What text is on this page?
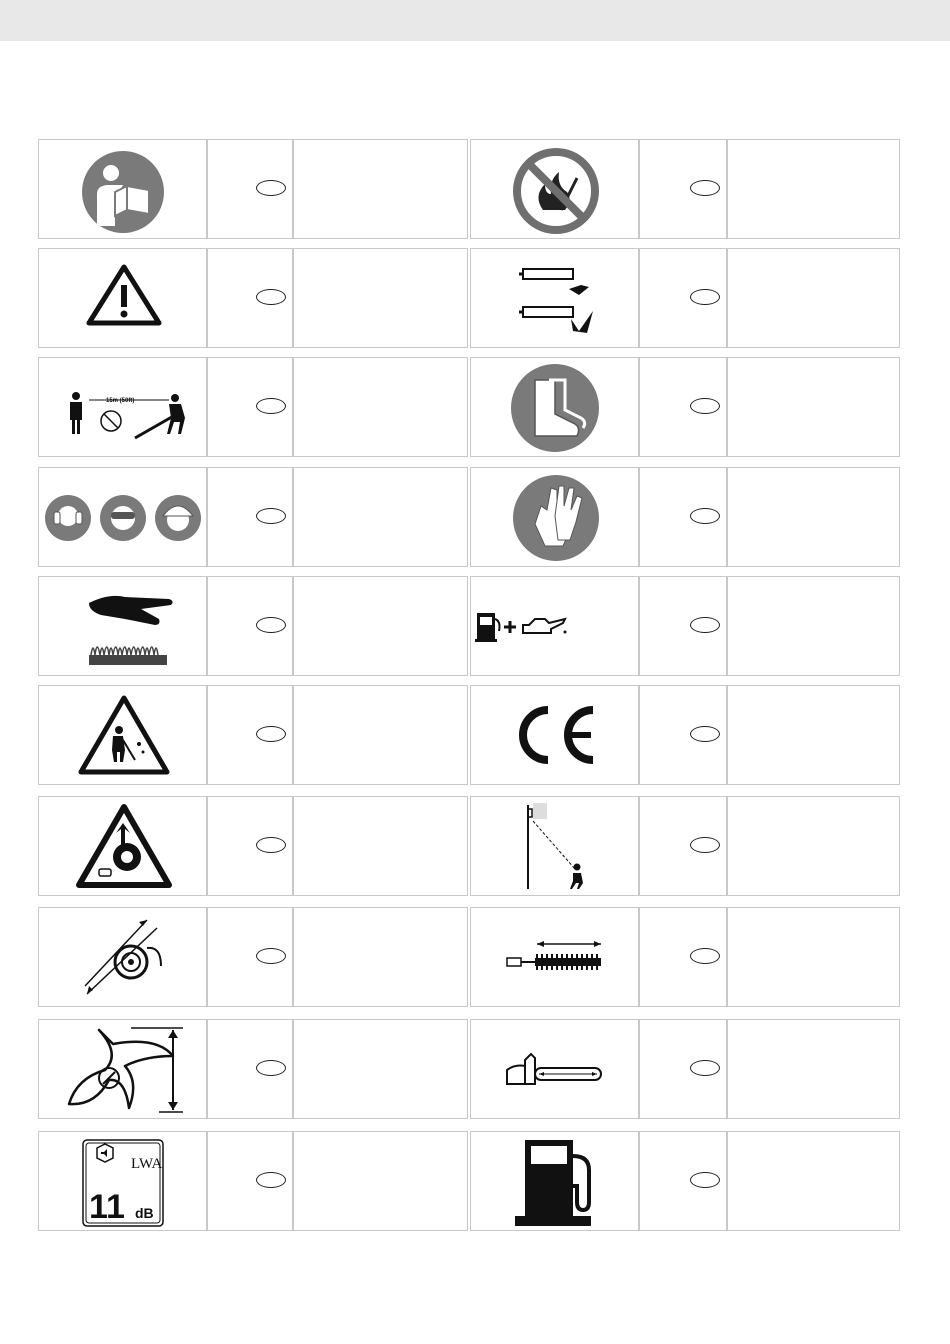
15m (50ft)
LWA
11 dB
